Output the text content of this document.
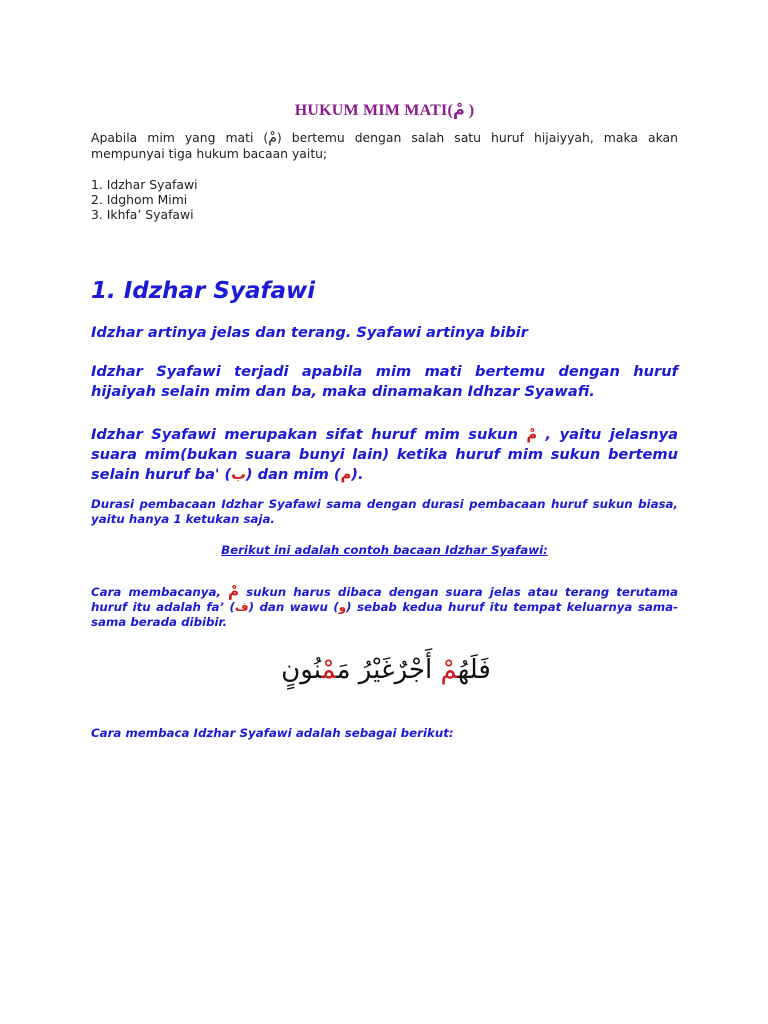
HUKUM MIM MATI(مْ )
Apabila mim yang mati (مْ) bertemu dengan salah satu huruf hijaiyyah, maka akan mempunyai tiga hukum bacaan yaitu;
1. Idzhar Syafawi
2. Idghom Mimi
3. Ikhfa’ Syafawi
1. Idzhar Syafawi
Idzhar artinya jelas dan terang. Syafawi artinya bibir
Idzhar Syafawi terjadi apabila mim mati bertemu dengan huruf hijaiyah selain mim dan ba, maka dinamakan Idhzar Syawafi.
Idzhar Syafawi merupakan sifat huruf mim sukun مْ , yaitu jelasnya suara mim(bukan suara bunyi lain) ketika huruf mim sukun bertemu selain huruf ba' (ب) dan mim (م).
Durasi pembacaan Idzhar Syafawi sama dengan durasi pembacaan huruf sukun biasa, yaitu hanya 1 ketukan saja.
Berikut ini adalah contoh bacaan Idzhar Syafawi:
Cara membacanya, مْ sukun harus dibaca dengan suara jelas atau terang terutama huruf itu adalah fa’ (ف) dan wawu (و) sebab kedua huruf itu tempat keluarnya sama-sama berada dibibir.
فَلَهُمْ أَجْرٌغَيْرُ مَمْنُونٍ
Cara membaca Idzhar Syafawi adalah sebagai berikut:
